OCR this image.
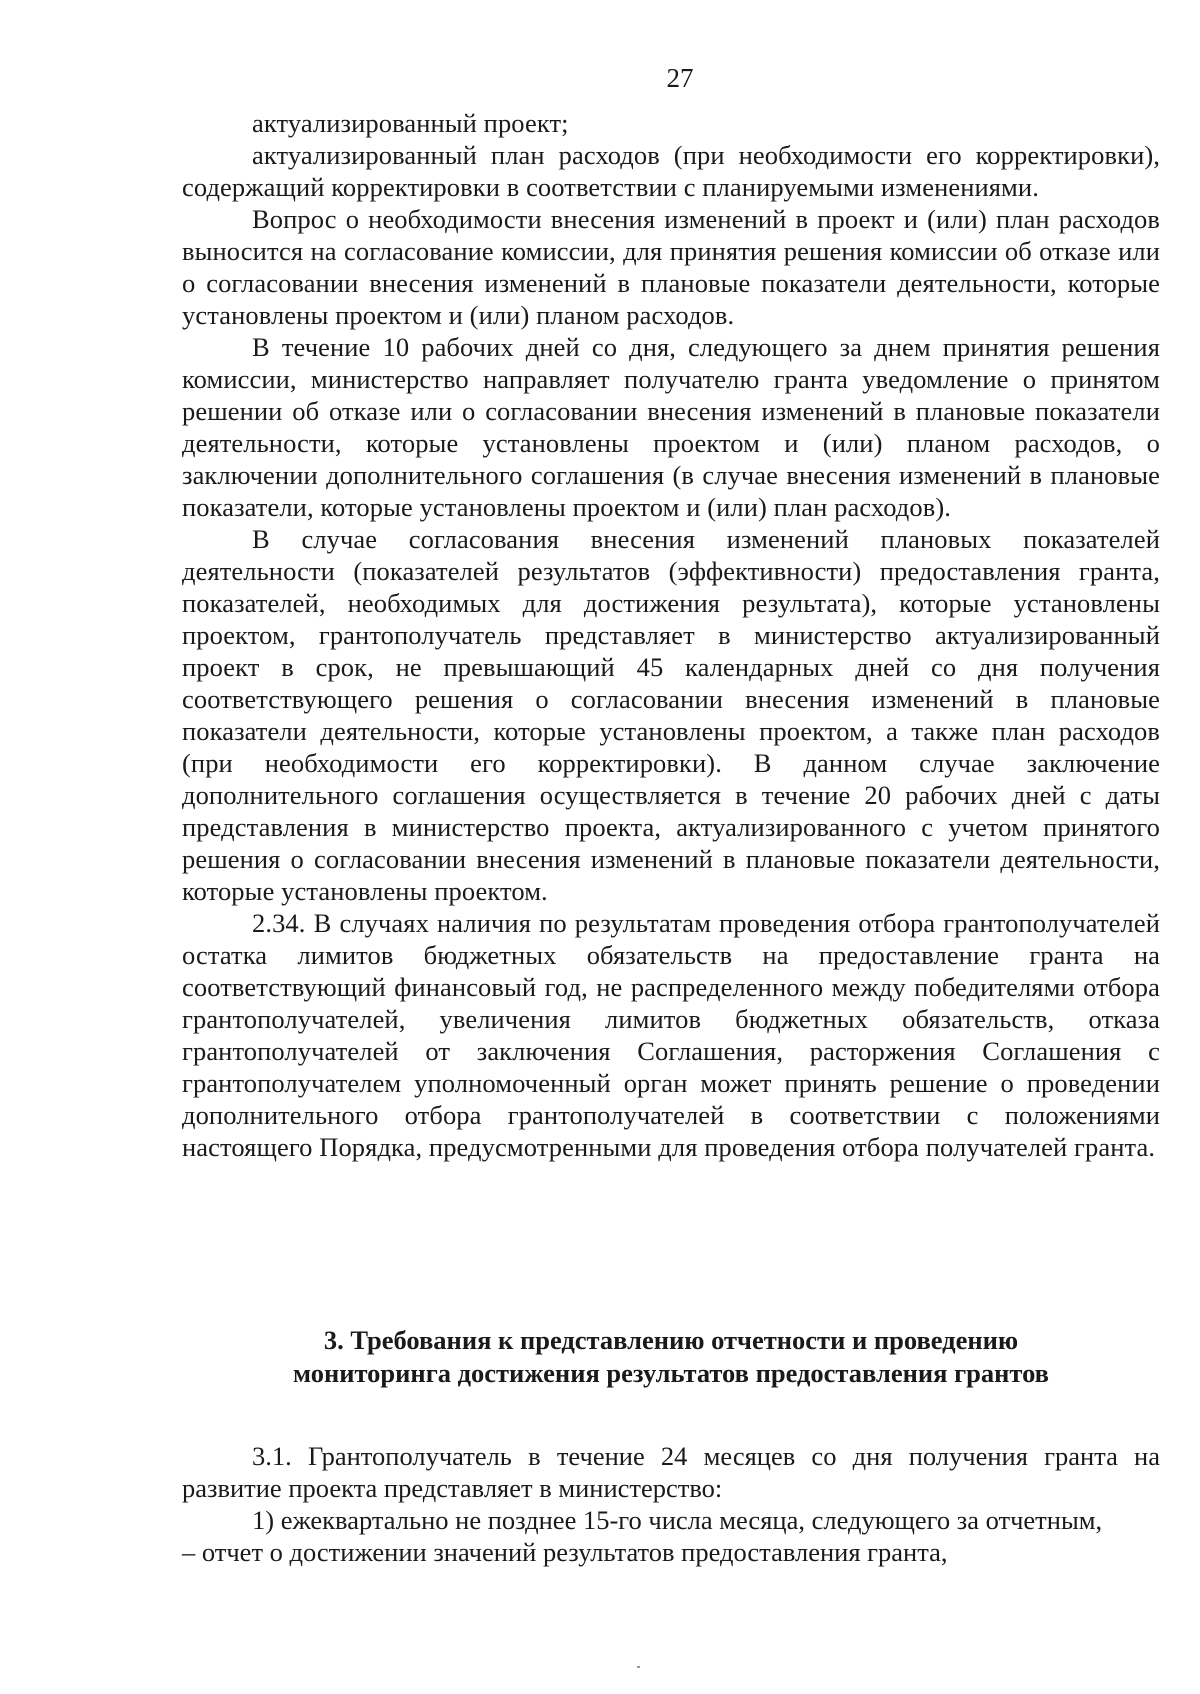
27

актуализированный проект;

актуализированный план расходов (при необходимости его корректировки), содержащий корректировки в соответствии с планируемыми изменениями.

Вопрос о необходимости внесения изменений в проект и (или) план расходов выносится на согласование комиссии, для принятия решения комиссии об отказе или о согласовании внесения изменений в плановые показатели деятельности, которые установлены проектом и (или) планом расходов.

В течение 10 рабочих дней со дня, следующего за днем принятия решения комиссии, министерство направляет получателю гранта уведомление о принятом решении об отказе или о согласовании внесения изменений в плановые показатели деятельности, которые установлены проектом и (или) планом расходов, о заключении дополнительного соглашения (в случае внесения изменений в плановые показатели, которые установлены проектом и (или) план расходов).

В случае согласования внесения изменений плановых показателей деятельности (показателей результатов (эффективности) предоставления гранта, показателей, необходимых для достижения результата), которые установлены проектом, грантополучатель представляет в министерство актуализированный проект в срок, не превышающий 45 календарных дней со дня получения соответствующего решения о согласовании внесения изменений в плановые показатели деятельности, которые установлены проектом, а также план расходов (при необходимости его корректировки). В данном случае заключение дополнительного соглашения осуществляется в течение 20 рабочих дней с даты представления в министерство проекта, актуализированного с учетом принятого решения о согласовании внесения изменений в плановые показатели деятельности, которые установлены проектом.

2.34. В случаях наличия по результатам проведения отбора грантополучателей остатка лимитов бюджетных обязательств на предоставление гранта на соответствующий финансовый год, не распределенного между победителями отбора грантополучателей, увеличения лимитов бюджетных обязательств, отказа грантополучателей от заключения Соглашения, расторжения Соглашения с грантополучателем уполномоченный орган может принять решение о проведении дополнительного отбора грантополучателей в соответствии с положениями настоящего Порядка, предусмотренными для проведения отбора получателей гранта.

3. Требования к представлению отчетности и проведению
мониторинга достижения результатов предоставления грантов

3.1. Грантополучатель в течение 24 месяцев со дня получения гранта на развитие проекта представляет в министерство:

1) ежеквартально не позднее 15-го числа месяца, следующего за отчетным,

– отчет о достижении значений результатов предоставления гранта,
